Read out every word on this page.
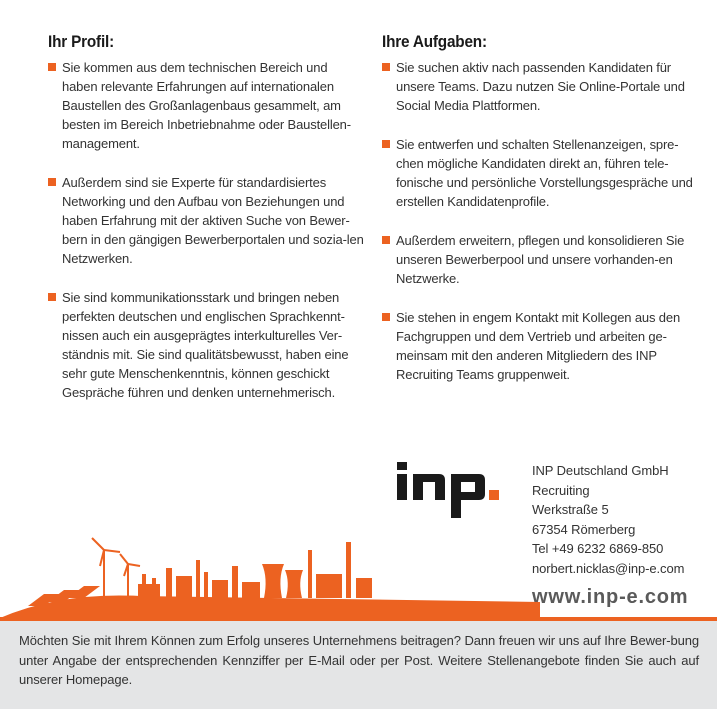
Ihr Profil:
Sie kommen aus dem technischen Bereich und haben relevante Erfahrungen auf internationalen Baustellen des Großanlagenbaus gesammelt, am besten im Bereich Inbetriebnahme oder Baustellen-management.
Außerdem sind sie Experte für standardisiertes Networking und den Aufbau von Beziehungen und haben Erfahrung mit der aktiven Suche von Bewer-bern in den gängigen Bewerberportalen und sozia-len Netzwerken.
Sie sind kommunikationsstark und bringen neben perfekten deutschen und englischen Sprachkennt-nissen auch ein ausgeprägtes interkulturelles Ver-ständnis mit. Sie sind qualitätsbewusst, haben eine sehr gute Menschenkenntnis, können geschickt Gespräche führen und denken unternehmerisch.
Ihre Aufgaben:
Sie suchen aktiv nach passenden Kandidaten für unsere Teams. Dazu nutzen Sie Online-Portale und Social Media Plattformen.
Sie entwerfen und schalten Stellenanzeigen, spre-chen mögliche Kandidaten direkt an, führen tele-fonische und persönliche Vorstellungsgespräche und erstellen Kandidatenprofile.
Außerdem erweitern, pflegen und konsolidieren Sie unseren Bewerberpool und unsere vorhanden-en Netzwerke.
Sie stehen in engem Kontakt mit Kollegen aus den Fachgruppen und dem Vertrieb und arbeiten ge-meinsam mit den anderen Mitgliedern des INP Recruiting Teams gruppenweit.
INP Deutschland GmbH
Recruiting
Werkstraße 5
67354 Römerberg
Tel +49 6232 6869-850
norbert.nicklas@inp-e.com
www.inp-e.com

Möchten Sie mit Ihrem Können zum Erfolg unseres Unternehmens beitragen? Dann freuen wir uns auf Ihre Bewer-bung unter Angabe der entsprechenden Kennziffer per E-Mail oder per Post. Weitere Stellenangebote finden Sie auch auf unserer Homepage.
